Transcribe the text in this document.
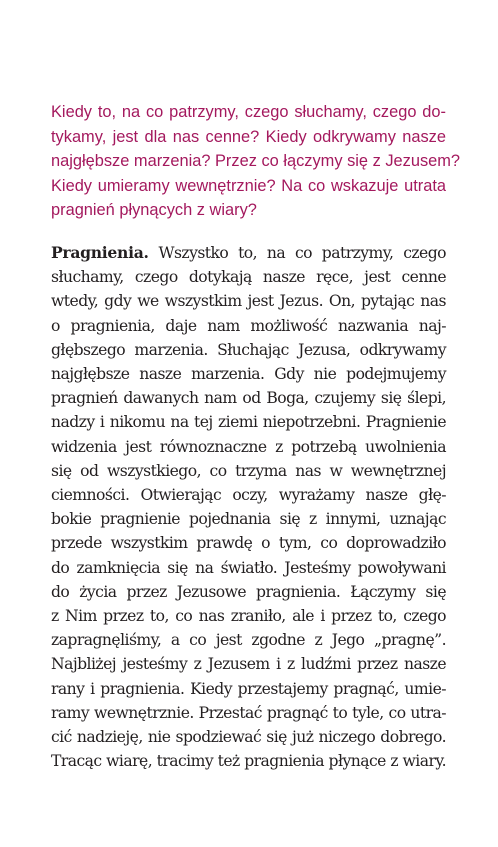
Kiedy to, na co patrzymy, czego słuchamy, czego do-
tykamy, jest dla nas cenne? Kiedy odkrywamy nasze
najgłębsze marzenia? Przez co łączymy się z Jezusem?
Kiedy umieramy wewnętrznie? Na co wskazuje utrata
pragnień płynących z wiary?

Pragnienia. Wszystko to, na co patrzymy, czego
słuchamy, czego dotykają nasze ręce, jest cenne
wtedy, gdy we wszystkim jest Jezus. On, pytając nas
o pragnienia, daje nam możliwość nazwania naj-
głębszego marzenia. Słuchając Jezusa, odkrywamy
najgłębsze nasze marzenia. Gdy nie podejmujemy
pragnień dawanych nam od Boga, czujemy się ślepi,
nadzy i nikomu na tej ziemi niepotrzebni. Pragnienie
widzenia jest równoznaczne z potrzebą uwolnienia
się od wszystkiego, co trzyma nas w wewnętrznej
ciemności. Otwierając oczy, wyrażamy nasze głę-
bokie pragnienie pojednania się z innymi, uznając
przede wszystkim prawdę o tym, co doprowadziło
do zamknięcia się na światło. Jesteśmy powoływani
do życia przez Jezusowe pragnienia. Łączymy się
z Nim przez to, co nas zraniło, ale i przez to, czego
zapragnęliśmy, a co jest zgodne z Jego „pragnę”.
Najbliżej jesteśmy z Jezusem i z ludźmi przez nasze
rany i pragnienia. Kiedy przestajemy pragnąć, umie-
ramy wewnętrznie. Przestać pragnąć to tyle, co utra-
cić nadzieję, nie spodziewać się już niczego dobrego.
Tracąc wiarę, tracimy też pragnienia płynące z wiary.
